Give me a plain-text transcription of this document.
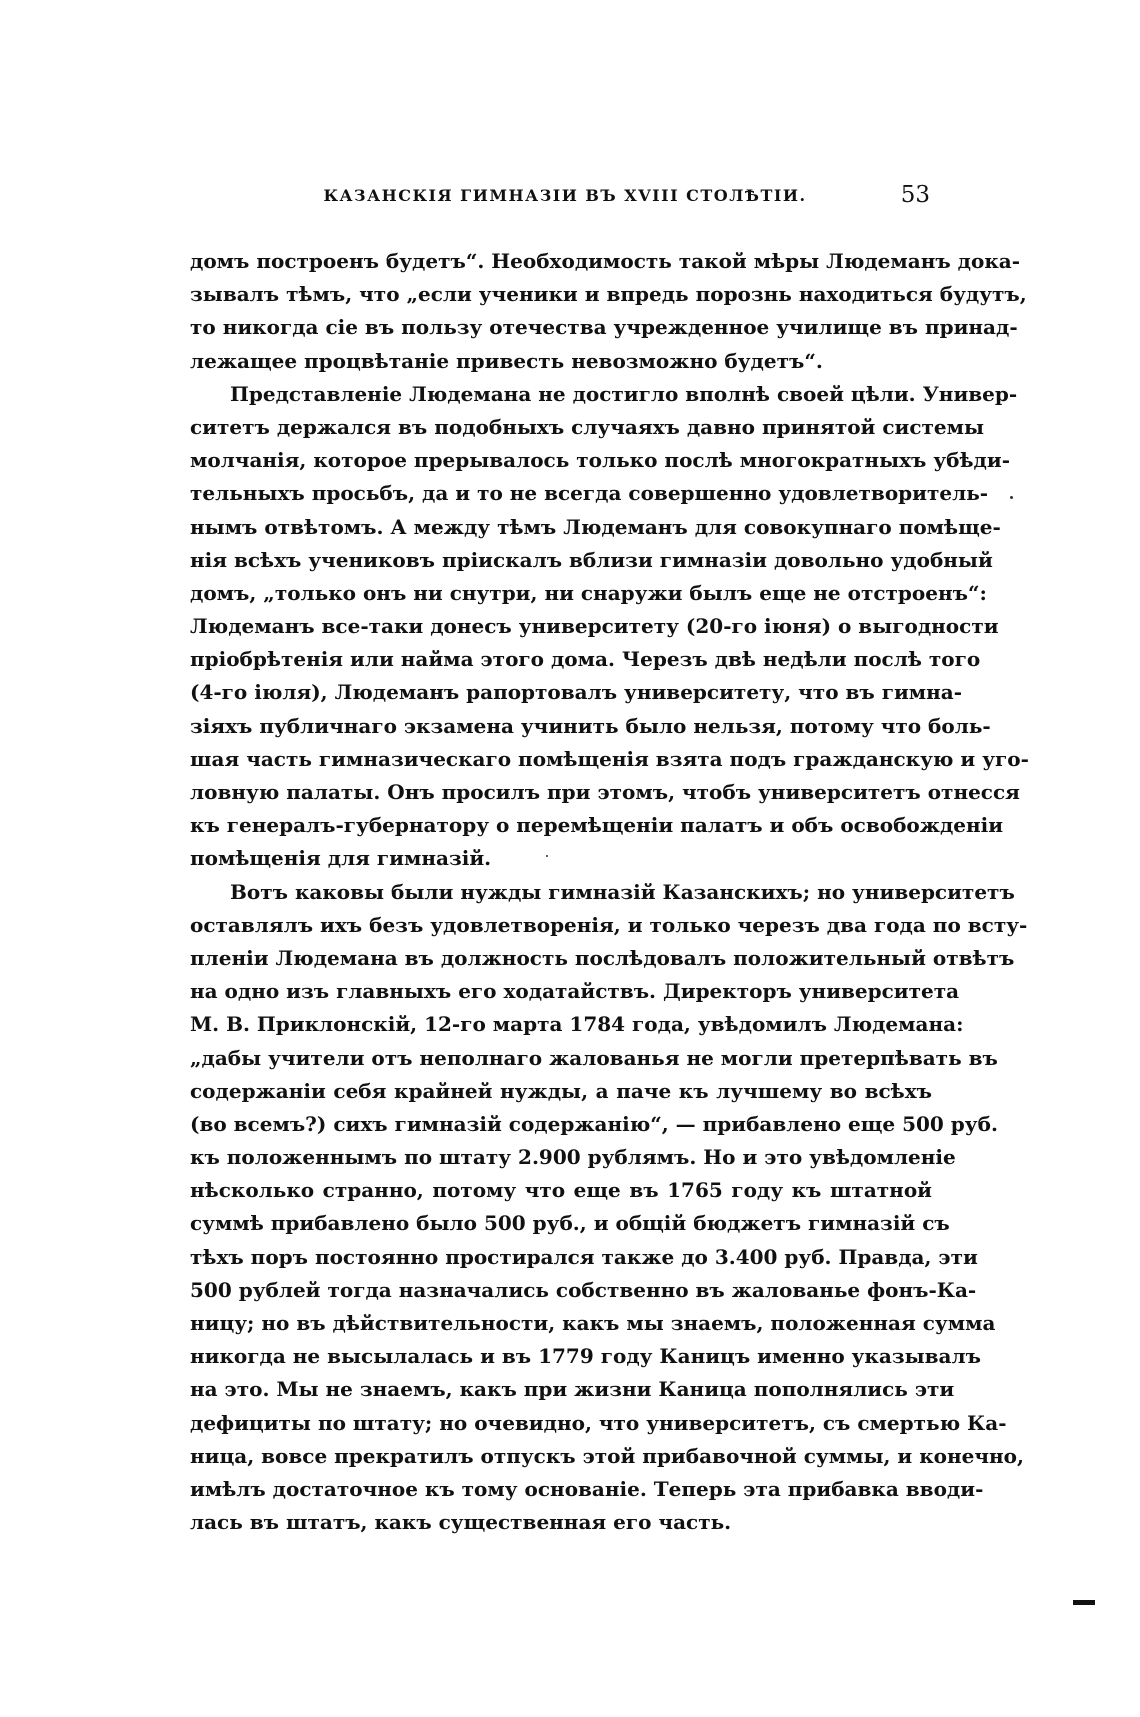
КАЗАНСКІЯ ГИМНАЗІИ ВЪ XVIII СТОЛѢТІИ.	53
домъ построенъ будетъ“. Необходимость такой мѣры Людеманъ дока-
зывалъ тѣмъ, что „если ученики и впредь порознь находиться будутъ,
то никогда сіе въ пользу отечества учрежденное училище въ принад-
лежащее процвѣтаніе привесть невозможно будетъ“.
Представленіе Людемана не достигло вполнѣ своей цѣли. Универ-
ситетъ держался въ подобныхъ случаяхъ давно принятой системы
молчанія, которое прерывалось только послѣ многократныхъ убѣди-
тельныхъ просьбъ, да и то не всегда совершенно удовлетворитель-
нымъ отвѣтомъ. А между тѣмъ Людеманъ для совокупнаго помѣще-
нія всѣхъ учениковъ пріискалъ вблизи гимназіи довольно удобный
домъ, „только онъ ни снутри, ни снаружи былъ еще не отстроенъ“:
Людеманъ все-таки донесъ университету (20-го іюня) о выгодности
пріобрѣтенія или найма этого дома. Черезъ двѣ недѣли послѣ того
(4-го іюля), Людеманъ рапортовалъ университету, что въ гимна-
зіяхъ публичнаго экзамена учинить было нельзя, потому что боль-
шая часть гимназическаго помѣщенія взята подъ гражданскую и уго-
ловную палаты. Онъ просилъ при этомъ, чтобъ университетъ отнесся
къ генералъ-губернатору о перемѣщеніи палатъ и объ освобожденіи
помѣщенія для гимназій.
Вотъ каковы были нужды гимназій Казанскихъ; но университетъ
оставлялъ ихъ безъ удовлетворенія, и только черезъ два года по всту-
пленіи Людемана въ должность послѣдовалъ положительный отвѣтъ
на одно изъ главныхъ его ходатайствъ. Директоръ университета
М. В. Приклонскій, 12-го марта 1784 года, увѣдомилъ Людемана:
„дабы учители отъ неполнаго жалованья не могли претерпѣвать въ
содержаніи себя крайней нужды, а паче къ лучшему во всѣхъ
(во всемъ?) сихъ гимназій содержанію“, — прибавлено еще 500 руб.
къ положеннымъ по штату 2.900 рублямъ. Но и это увѣдомленіе
нѣсколько странно, потому что еще въ 1765 году къ штатной
суммѣ прибавлено было 500 руб., и общій бюджетъ гимназій съ
тѣхъ поръ постоянно простирался также до 3.400 руб. Правда, эти
500 рублей тогда назначались собственно въ жалованье фонъ-Ка-
ницу; но въ дѣйствительности, какъ мы знаемъ, положенная сумма
никогда не высылалась и въ 1779 году Каницъ именно указывалъ
на это. Мы не знаемъ, какъ при жизни Каница пополнялись эти
дефициты по штату; но очевидно, что университетъ, съ смертью Ка-
ница, вовсе прекратилъ отпускъ этой прибавочной суммы, и конечно,
имѣлъ достаточное къ тому основаніе. Теперь эта прибавка вводи-
лась въ штатъ, какъ существенная его часть.
